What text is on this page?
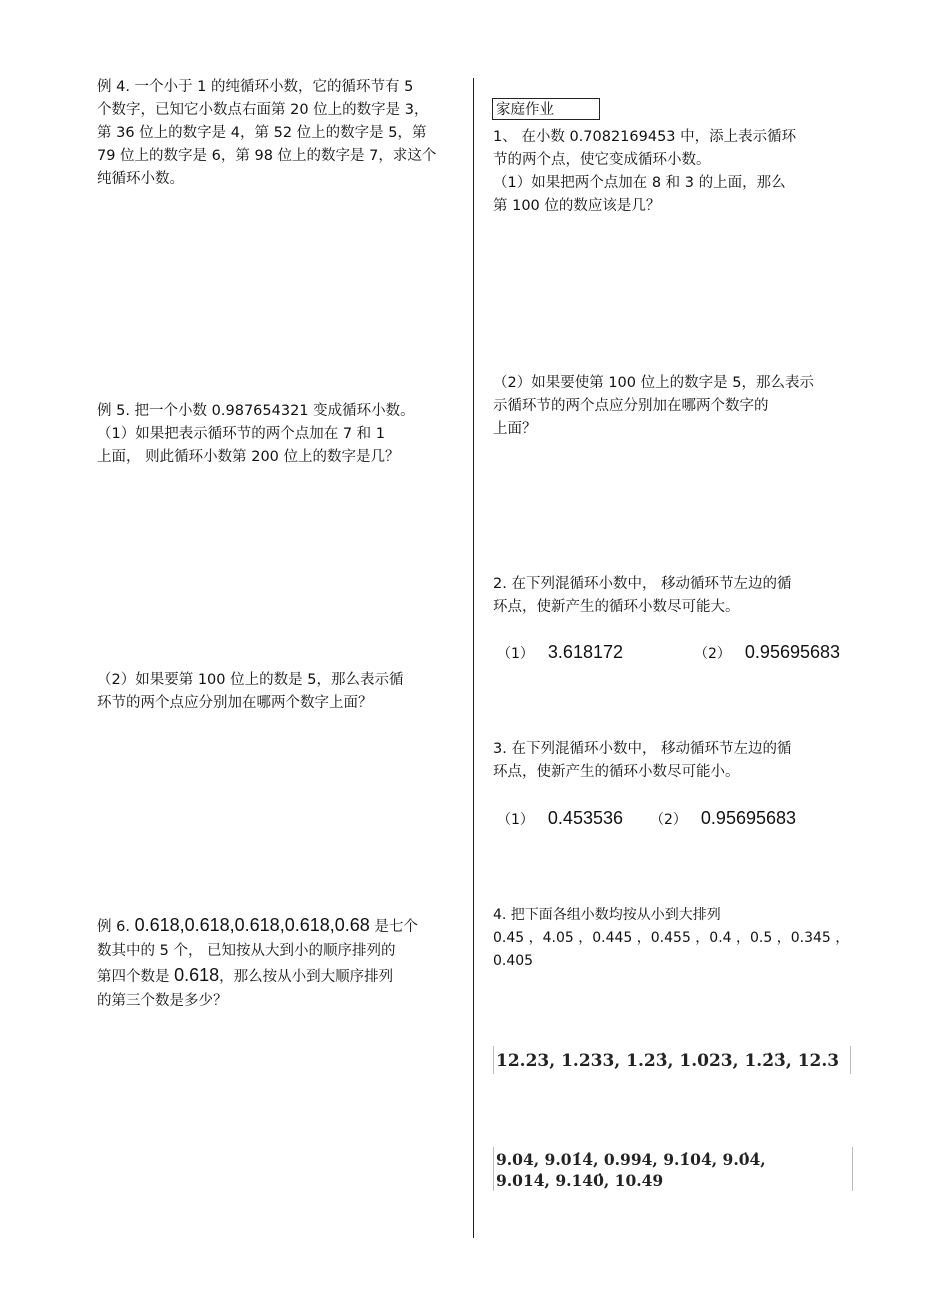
例 4. 一个小于 1 的纯循环小数，它的循环节有 5

个数字，已知它小数点右面第 20 位上的数字是 3，

第 36 位上的数字是 4，第 52 位上的数字是 5，第

79 位上的数字是 6，第 98 位上的数字是 7，求这个

纯循环小数。

例 5. 把一个小数 0.987654321 变成循环小数。

（1）如果把表示循环节的两个点加在 7 和 1

上面， 则此循环小数第 200 位上的数字是几？

（2）如果要第 100 位上的数是 5，那么表示循

环节的两个点应分别加在哪两个数字上面？

例 6. 0.618,0.618,0.618,0.618,0.68 是七个

数其中的 5 个， 已知按从大到小的顺序排列的

第四个数是 0.618，那么按从小到大顺序排列

的第三个数是多少？

家庭作业

1、 在小数 0.7082169453 中，添上表示循环

节的两个点，使它变成循环小数。

（1）如果把两个点加在 8 和 3 的上面，那么

第 100 位的数应该是几？

（2）如果要使第 100 位上的数字是 5，那么表示

示循环节的两个点应分别加在哪两个数字的

上面？

2. 在下列混循环小数中， 移动循环节左边的循

环点，使新产生的循环小数尽可能大。

（1） 3.618172	（2） 0.95695683

3. 在下列混循环小数中， 移动循环节左边的循

环点，使新产生的循环小数尽可能小。

（1） 0.453536 （2） 0.95695683

4. 把下面各组小数均按从小到大排列

0.45 ，4.05 ，0.445 ，0.455 ，0.4 ，0.5 ，0.345 ，

0.405

12.23, 1.233, 1.23̇, 1.023, 1.2̇3̇, 12.3
9.04, 9.01̇4̇, 0.994, 9.1̇04̇, 9.0̇4̇,
9.014̇, 9.140̇, 10.49
